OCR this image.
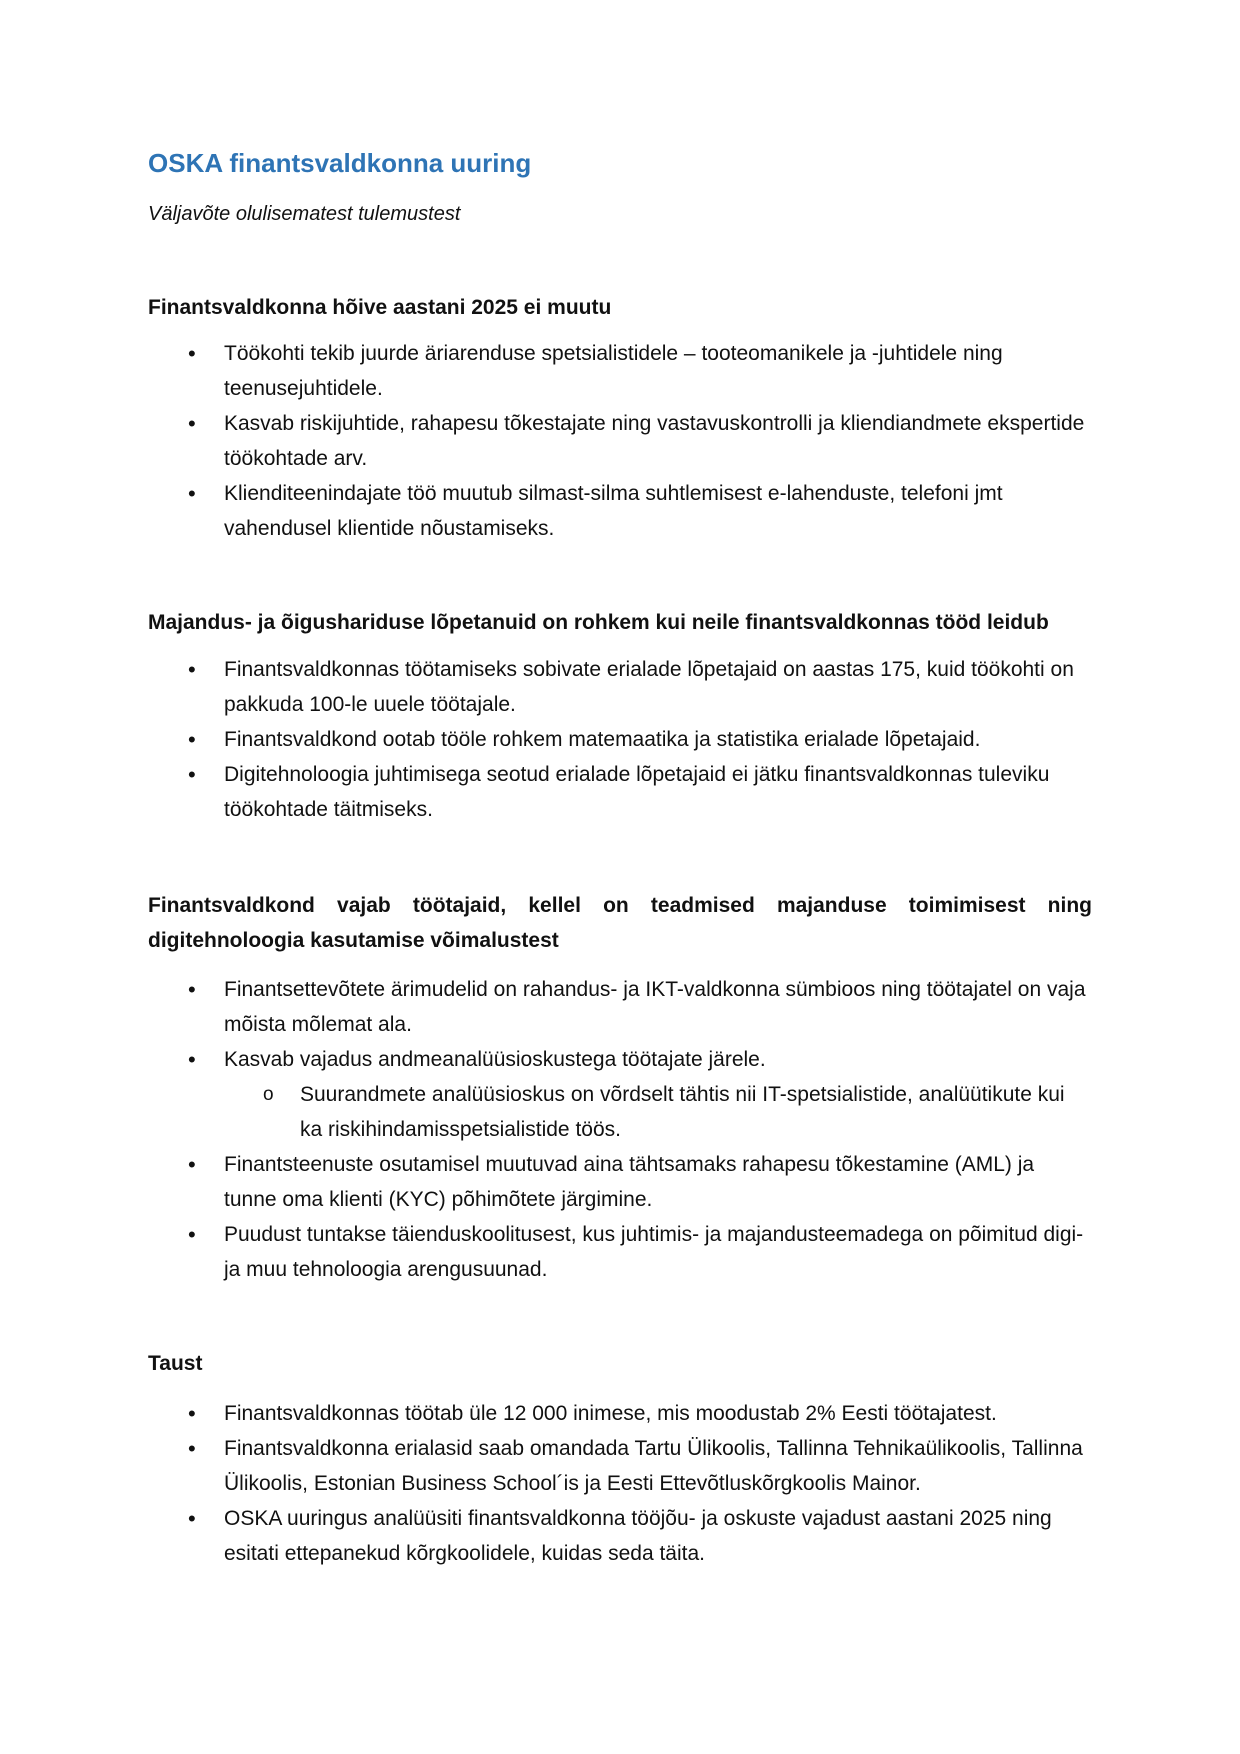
OSKA finantsvaldkonna uuring
Väljavõte olulisematest tulemustest
Finantsvaldkonna hõive aastani 2025 ei muutu
•	Töökohti tekib juurde äriarenduse spetsialistidele – tooteomanikele ja -juhtidele ning teenusejuhtidele.
•	Kasvab riskijuhtide, rahapesu tõkestajate ning vastavuskontrolli ja kliendiandmete ekspertide töökohtade arv.
•	Klienditeenindajate töö muutub silmast-silma suhtlemisest e-lahenduste, telefoni jmt vahendusel klientide nõustamiseks.
Majandus- ja õigushariduse lõpetanuid on rohkem kui neile finantsvaldkonnas tööd leidub
•	Finantsvaldkonnas töötamiseks sobivate erialade lõpetajaid on aastas 175, kuid töökohti on pakkuda 100-le uuele töötajale.
•	Finantsvaldkond ootab tööle rohkem matemaatika ja statistika erialade lõpetajaid.
•	Digitehnoloogia juhtimisega seotud erialade lõpetajaid ei jätku finantsvaldkonnas tuleviku töökohtade täitmiseks.
Finantsvaldkond vajab töötajaid, kellel on teadmised majanduse toimimisest ning digitehnoloogia kasutamise võimalustest
•	Finantsettevõtete ärimudelid on rahandus- ja IKT-valdkonna sümbioos ning töötajatel on vaja mõista mõlemat ala.
•	Kasvab vajadus andmeanalüüsioskustega töötajate järele.
o Suurandmete analüüsioskus on võrdselt tähtis nii IT-spetsialistide, analüütikute kui ka riskihindamisspetsialistide töös.
•	Finantsteenuste osutamisel muutuvad aina tähtsamaks rahapesu tõkestamine (AML) ja tunne oma klienti (KYC) põhimõtete järgimine.
•	Puudust tuntakse täienduskoolitusest, kus juhtimis- ja majandusteemadega on põimitud digi- ja muu tehnoloogia arengusuunad.
Taust
•	Finantsvaldkonnas töötab üle 12 000 inimese, mis moodustab 2% Eesti töötajatest.
•	Finantsvaldkonna erialasid saab omandada Tartu Ülikoolis, Tallinna Tehnikaülikoolis, Tallinna Ülikoolis, Estonian Business School´is ja Eesti Ettevõtluskõrgkoolis Mainor.
•	OSKA uuringus analüüsiti finantsvaldkonna tööjõu- ja oskuste vajadust aastani 2025 ning esitati ettepanekud kõrgkoolidele, kuidas seda täita.
